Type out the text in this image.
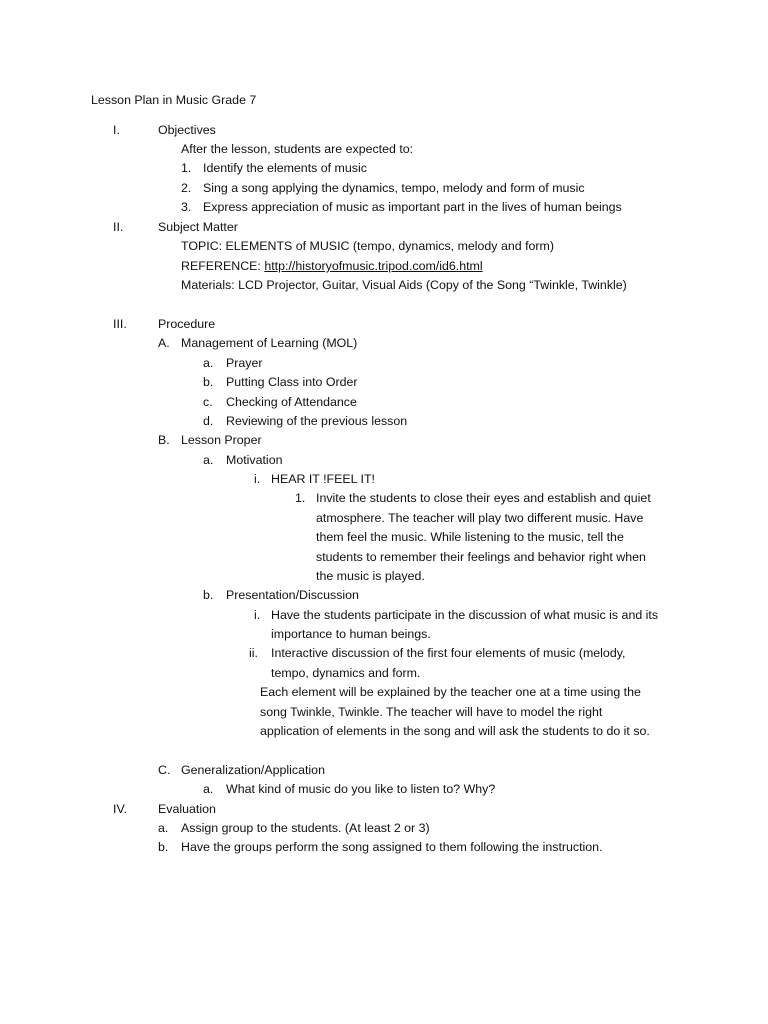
Lesson Plan in Music Grade 7
I.	Objectives
After the lesson, students are expected to:
1. Identify the elements of music
2. Sing a song applying the dynamics, tempo, melody and form of music
3. Express appreciation of music as important part in the lives of human beings
II.	Subject Matter
TOPIC: ELEMENTS of MUSIC (tempo, dynamics, melody and form)
REFERENCE: http://historyofmusic.tripod.com/id6.html
Materials: LCD Projector, Guitar, Visual Aids (Copy of the Song “Twinkle, Twinkle)
III.	Procedure
A. Management of Learning (MOL)
a. Prayer
b. Putting Class into Order
c. Checking of Attendance
d. Reviewing of the previous lesson
B. Lesson Proper
a. Motivation
i. HEAR IT !FEEL IT!
1. Invite the students to close their eyes and establish and quiet
atmosphere. The teacher will play two different music. Have
them feel the music. While listening to the music, tell the
students to remember their feelings and behavior right when
the music is played.
b. Presentation/Discussion
i. Have the students participate in the discussion of what music is and its
importance to human beings.
ii. Interactive discussion of the first four elements of music (melody,
tempo, dynamics and form.
Each element will be explained by the teacher one at a time using the
song Twinkle, Twinkle. The teacher will have to model the right
application of elements in the song and will ask the students to do it so.
C. Generalization/Application
a. What kind of music do you like to listen to? Why?
IV. Evaluation
a. Assign group to the students. (At least 2 or 3)
b. Have the groups perform the song assigned to them following the instruction.
